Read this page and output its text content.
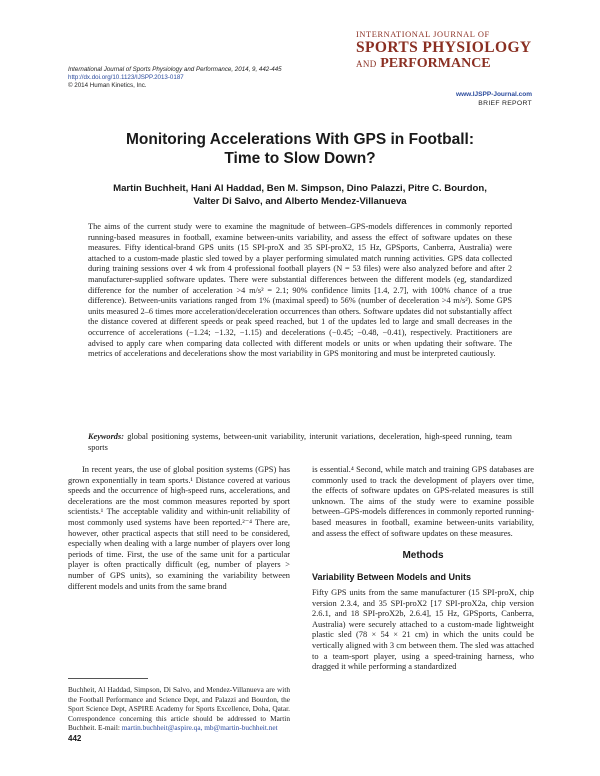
International Journal of Sports Physiology and Performance, 2014, 9, 442-445
http://dx.doi.org/10.1123/IJSPP.2013-0187
© 2014 Human Kinetics, Inc.
INTERNATIONAL JOURNAL OF
SPORTS PHYSIOLOGY
AND PERFORMANCE
www.IJSPP-Journal.com
BRIEF REPORT
Monitoring Accelerations With GPS in Football:
Time to Slow Down?
Martin Buchheit, Hani Al Haddad, Ben M. Simpson, Dino Palazzi, Pitre C. Bourdon,
Valter Di Salvo, and Alberto Mendez-Villanueva
The aims of the current study were to examine the magnitude of between–GPS-models differences in commonly reported running-based measures in football, examine between-units variability, and assess the effect of software updates on these measures. Fifty identical-brand GPS units (15 SPI-proX and 35 SPI-proX2, 15 Hz, GPSports, Canberra, Australia) were attached to a custom-made plastic sled towed by a player performing simulated match running activities. GPS data collected during training sessions over 4 wk from 4 professional football players (N = 53 files) were also analyzed before and after 2 manufacturer-supplied software updates. There were substantial differences between the different models (eg, standardized difference for the number of acceleration >4 m/s² = 2.1; 90% confidence limits [1.4, 2.7], with 100% chance of a true difference). Between-units variations ranged from 1% (maximal speed) to 56% (number of deceleration >4 m/s²). Some GPS units measured 2–6 times more acceleration/deceleration occurrences than others. Software updates did not substantially affect the distance covered at different speeds or peak speed reached, but 1 of the updates led to large and small decreases in the occurrence of accelerations (−1.24; −1.32, −1.15) and decelerations (−0.45; −0.48, −0.41), respectively. Practitioners are advised to apply care when comparing data collected with different models or units or when updating their software. The metrics of accelerations and decelerations show the most variability in GPS monitoring and must be interpreted cautiously.
Keywords: global positioning systems, between-unit variability, interunit variations, deceleration, high-speed running, team sports
In recent years, the use of global position systems (GPS) has grown exponentially in team sports.¹ Distance covered at various speeds and the occurrence of high-speed runs, accelerations, and decelerations are the most common measures reported by sport scientists.¹ The acceptable validity and within-unit reliability of most commonly used systems have been reported.²⁻⁴ There are, however, other practical aspects that still need to be considered, especially when dealing with a large number of players over long periods of time. First, the use of the same unit for a particular player is often practically difficult (eg, number of players > number of GPS units), so examining the variability between different models and units from the same brand
Buchheit, Al Haddad, Simpson, Di Salvo, and Mendez-Villanueva are with the Football Performance and Science Dept, and Palazzi and Bourdon, the Sport Science Dept, ASPIRE Academy for Sports Excellence, Doha, Qatar. Correspondence concerning this article should be addressed to Martin Buchheit. E-mail: martin.buchheit@aspire.qa, mb@martin-buchheit.net
is essential.⁴ Second, while match and training GPS databases are commonly used to track the development of players over time, the effects of software updates on GPS-related measures is still unknown. The aims of the study were to examine possible between–GPS-models differences in commonly reported running-based measures in football, examine between-units variability, and assess the effect of software updates on these measures.
Methods
Variability Between Models and Units
Fifty GPS units from the same manufacturer (15 SPI-proX, chip version 2.3.4, and 35 SPI-proX2 [17 SPI-proX2a, chip version 2.6.1, and 18 SPI-proX2b, 2.6.4], 15 Hz, GPSports, Canberra, Australia) were securely attached to a custom-made lightweight plastic sled (78 × 54 × 21 cm) in which the units could be vertically aligned with 3 cm between them. The sled was attached to a team-sport player, using a speed-training harness, who dragged it while performing a standardized
442
